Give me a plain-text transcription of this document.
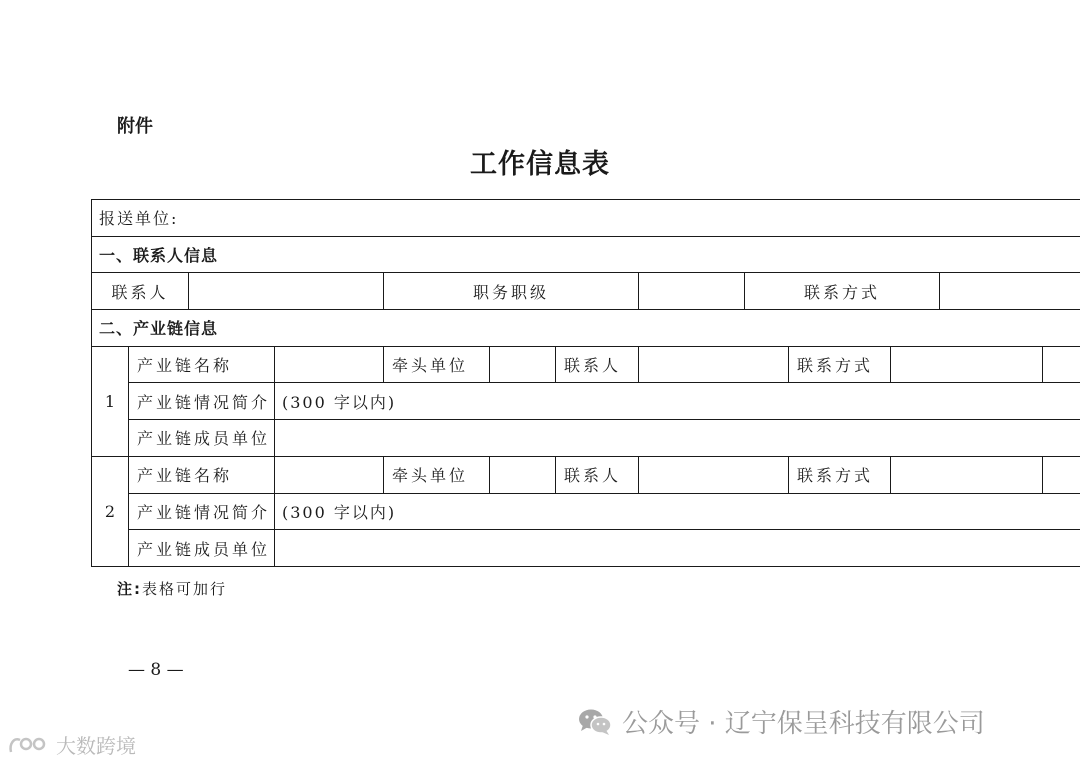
附件
工作信息表
报送单位:											
一、联系人信息											
联系人				职务职级				联系方式			
二、产业链信息											
1	产业链名称			牵头单位		联系人			联系方式		
	产业链情况简介		(300 字以内)								
	产业链成员单位										
2	产业链名称			牵头单位		联系人			联系方式		
	产业链情况简介		(300 字以内)								
	产业链成员单位										
注:表格可加行
— 8 —
公众号 · 辽宁保呈科技有限公司
大数跨境
